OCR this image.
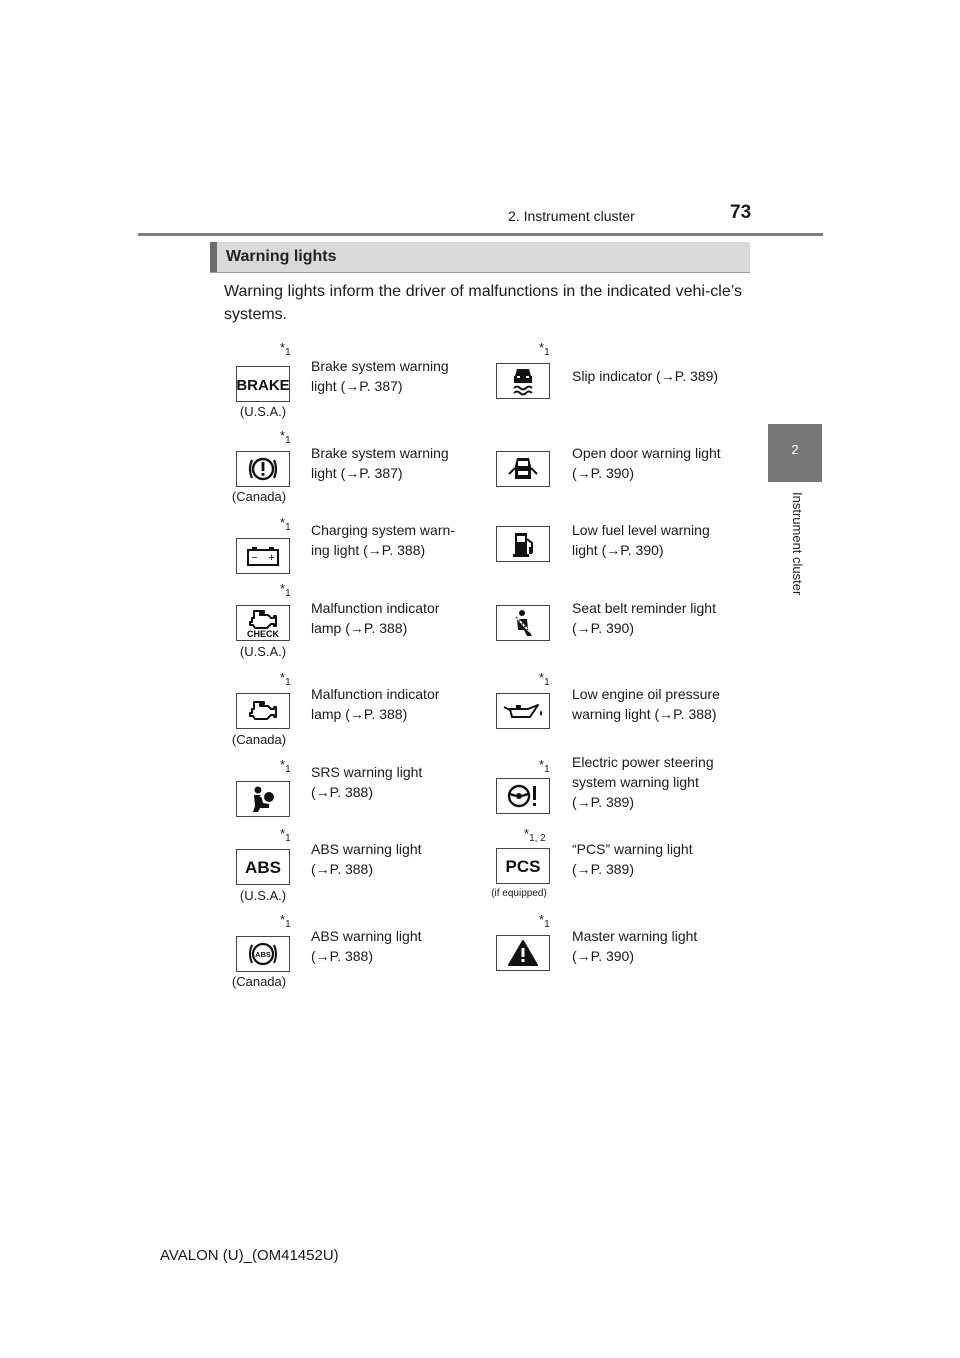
2. Instrument cluster	73
2
Instrument cluster
Warning lights
Warning lights inform the driver of malfunctions in the indicated vehi-cle’s systems.
$*_1$
BRAKE
(U.S.A.)
Brake system warning
light (→P. 387)
$*_1$
Slip indicator (→P. 389)
$*_1$
(Canada)
Brake system warning
light (→P. 387)
Open door warning light
(→P. 390)
$*_1$
− +
Charging system warn-
ing light (→P. 388)
Low fuel level warning
light (→P. 390)
$*_1$
CHECK
(U.S.A.)
Malfunction indicator
lamp (→P. 388)
Seat belt reminder light
(→P. 390)
$*_1$
(Canada)
Malfunction indicator
lamp (→P. 388)
$*_1$
Low engine oil pressure
warning light (→P. 388)
$*_1$ SRS warning light
(→P. 388)
$*_1$ Electric power steering
system warning light
(→P. 389)
$*_1$
ABS
(U.S.A.)
ABS warning light
(→P. 388)
$*_{1, 2}$
PCS
(if equipped)
“PCS” warning light
(→P. 389)
$*_1$
ABS
(Canada)
ABS warning light
(→P. 388)
$*_1$
Master warning light
(→P. 390)
AVALON (U)_(OM41452U)
